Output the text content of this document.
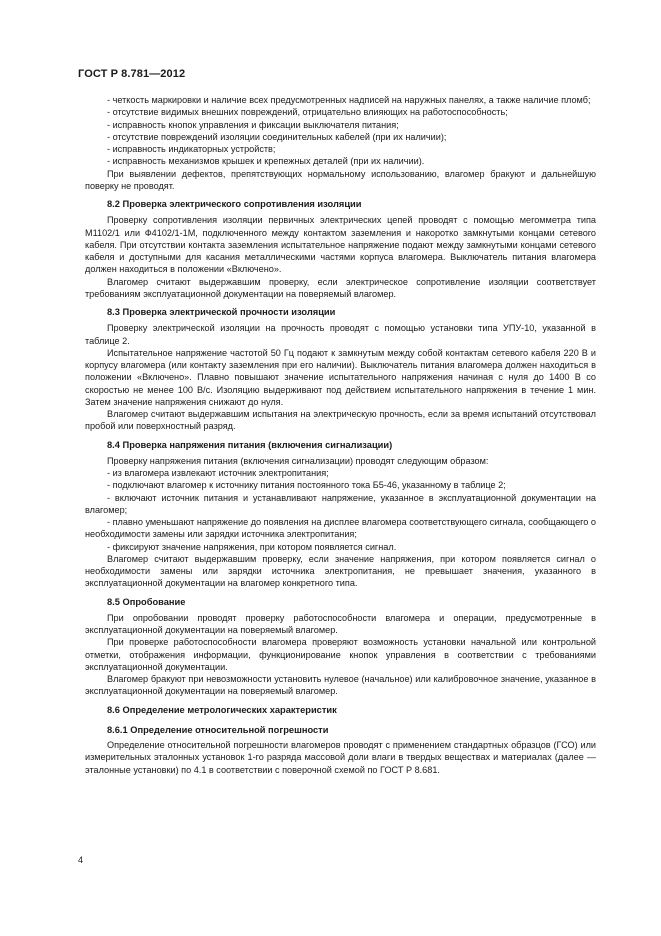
ГОСТ Р 8.781—2012

- четкость маркировки и наличие всех предусмотренных надписей на наружных панелях, а также наличие пломб;

- отсутствие видимых внешних повреждений, отрицательно влияющих на работоспособность;

- исправность кнопок управления и фиксации выключателя питания;

- отсутствие повреждений изоляции соединительных кабелей (при их наличии);

- исправность индикаторных устройств;

- исправность механизмов крышек и крепежных деталей (при их наличии).

При выявлении дефектов, препятствующих нормальному использованию, влагомер бракуют и дальнейшую поверку не проводят.

8.2 Проверка электрического сопротивления изоляции

Проверку сопротивления изоляции первичных электрических цепей проводят с помощью мегомметра типа М1102/1 или Ф4102/1-1М, подключенного между контактом заземления и накоротко замкнутыми концами сетевого кабеля. При отсутствии контакта заземления испытательное напряжение подают между замкнутыми концами сетевого кабеля и доступными для касания металлическими частями корпуса влагомера. Выключатель питания влагомера должен находиться в положении «Включено».

Влагомер считают выдержавшим проверку, если электрическое сопротивление изоляции соответствует требованиям эксплуатационной документации на поверяемый влагомер.

8.3 Проверка электрической прочности изоляции

Проверку электрической изоляции на прочность проводят с помощью установки типа УПУ-10, указанной в таблице 2.

Испытательное напряжение частотой 50 Гц подают к замкнутым между собой контактам сетевого кабеля 220 В и корпусу влагомера (или контакту заземления при его наличии). Выключатель питания влагомера должен находиться в положении «Включено». Плавно повышают значение испытательного напряжения начиная с нуля до 1400 В со скоростью не менее 100 В/с. Изоляцию выдерживают под действием испытательного напряжения в течение 1 мин. Затем значение напряжения снижают до нуля.

Влагомер считают выдержавшим испытания на электрическую прочность, если за время испытаний отсутствовал пробой или поверхностный разряд.

8.4 Проверка напряжения питания (включения сигнализации)

Проверку напряжения питания (включения сигнализации) проводят следующим образом:

- из влагомера извлекают источник электропитания;

- подключают влагомер к источнику питания постоянного тока Б5-46, указанному в таблице 2;

- включают источник питания и устанавливают напряжение, указанное в эксплуатационной документации на влагомер;

- плавно уменьшают напряжение до появления на дисплее влагомера соответствующего сигнала, сообщающего о необходимости замены или зарядки источника электропитания;

- фиксируют значение напряжения, при котором появляется сигнал.

Влагомер считают выдержавшим проверку, если значение напряжения, при котором появляется сигнал о необходимости замены или зарядки источника электропитания, не превышает значения, указанного в эксплуатационной документации на влагомер конкретного типа.

8.5 Опробование

При опробовании проводят проверку работоспособности влагомера и операции, предусмотренные в эксплуатационной документации на поверяемый влагомер.

При проверке работоспособности влагомера проверяют возможность установки начальной или контрольной отметки, отображения информации, функционирование кнопок управления в соответствии с требованиями эксплуатационной документации.

Влагомер бракуют при невозможности установить нулевое (начальное) или калибровочное значение, указанное в эксплуатационной документации на поверяемый влагомер.

8.6 Определение метрологических характеристик
8.6.1 Определение относительной погрешности

Определение относительной погрешности влагомеров проводят с применением стандартных образцов (ГСО) или измерительных эталонных установок 1-го разряда массовой доли влаги в твердых веществах и материалах (далее — эталонные установки) по 4.1 в соответствии с поверочной схемой по ГОСТ Р 8.681.

4
